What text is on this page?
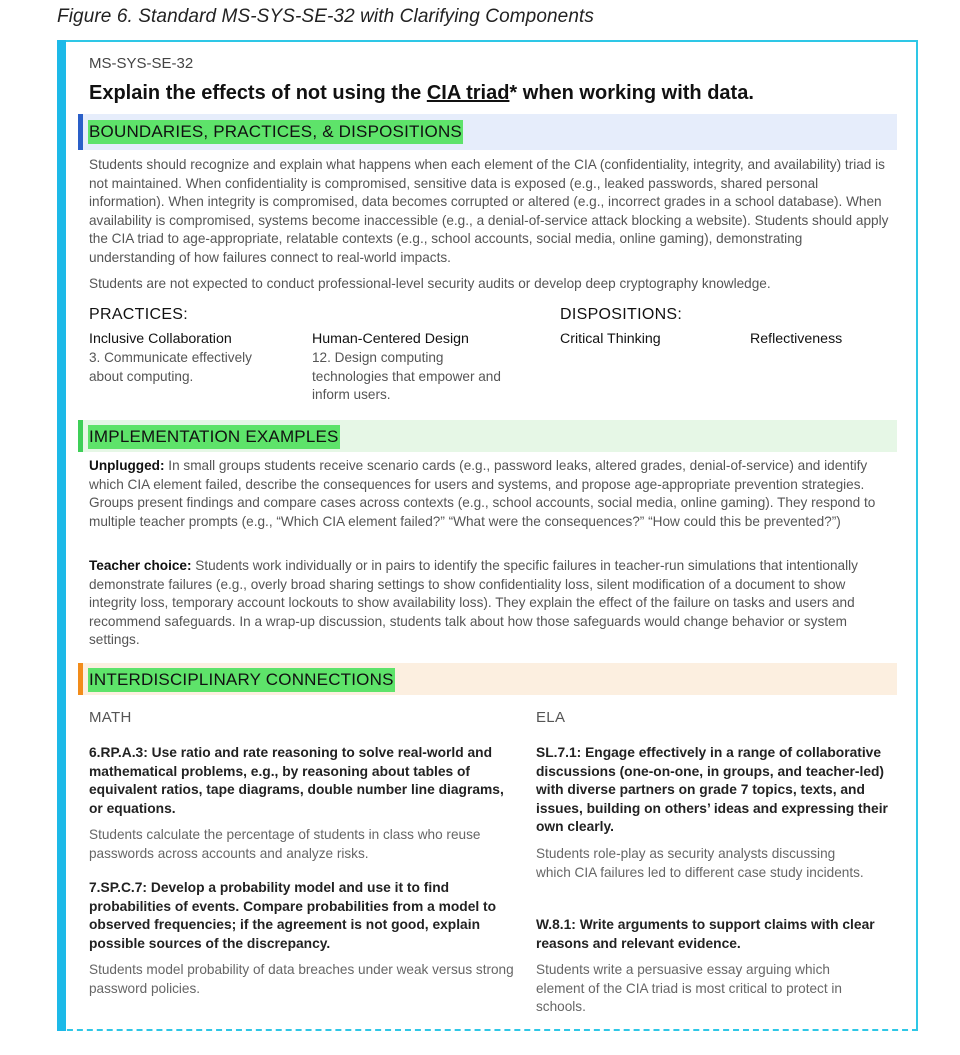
Figure 6. Standard MS-SYS-SE-32 with Clarifying Components
MS-SYS-SE-32
Explain the effects of not using the CIA triad* when working with data.
BOUNDARIES, PRACTICES, & DISPOSITIONS
Students should recognize and explain what happens when each element of the CIA (confidentiality, integrity, and availability) triad is not maintained. When confidentiality is compromised, sensitive data is exposed (e.g., leaked passwords, shared personal information). When integrity is compromised, data becomes corrupted or altered (e.g., incorrect grades in a school database). When availability is compromised, systems become inaccessible (e.g., a denial-of-service attack blocking a website). Students should apply the CIA triad to age-appropriate, relatable contexts (e.g., school accounts, social media, online gaming), demonstrating understanding of how failures connect to real-world impacts.
Students are not expected to conduct professional-level security audits or develop deep cryptography knowledge.
PRACTICES:	DISPOSITIONS:
Inclusive Collaboration
3. Communicate effectively about computing.
Human-Centered Design
12. Design computing technologies that empower and inform users.
Critical Thinking	Reflectiveness
IMPLEMENTATION EXAMPLES
Unplugged: In small groups students receive scenario cards (e.g., password leaks, altered grades, denial-of-service) and identify which CIA element failed, describe the consequences for users and systems, and propose age-appropriate prevention strategies. Groups present findings and compare cases across contexts (e.g., school accounts, social media, online gaming). They respond to multiple teacher prompts (e.g., “Which CIA element failed?” “What were the consequences?” “How could this be prevented?”)
Teacher choice: Students work individually or in pairs to identify the specific failures in teacher-run simulations that intentionally demonstrate failures (e.g., overly broad sharing settings to show confidentiality loss, silent modification of a document to show integrity loss, temporary account lockouts to show availability loss). They explain the effect of the failure on tasks and users and recommend safeguards. In a wrap-up discussion, students talk about how those safeguards would change behavior or system settings.
INTERDISCIPLINARY CONNECTIONS
MATH	ELA
6.RP.A.3: Use ratio and rate reasoning to solve real-world and mathematical problems, e.g., by reasoning about tables of equivalent ratios, tape diagrams, double number line diagrams, or equations.
Students calculate the percentage of students in class who reuse passwords across accounts and analyze risks.
7.SP.C.7: Develop a probability model and use it to find probabilities of events. Compare probabilities from a model to observed frequencies; if the agreement is not good, explain possible sources of the discrepancy.
Students model probability of data breaches under weak versus strong password policies.
SL.7.1: Engage effectively in a range of collaborative discussions (one-on-one, in groups, and teacher-led) with diverse partners on grade 7 topics, texts, and issues, building on others’ ideas and expressing their own clearly.
Students role-play as security analysts discussing which CIA failures led to different case study incidents.
W.8.1: Write arguments to support claims with clear reasons and relevant evidence.
Students write a persuasive essay arguing which element of the CIA triad is most critical to protect in schools.
